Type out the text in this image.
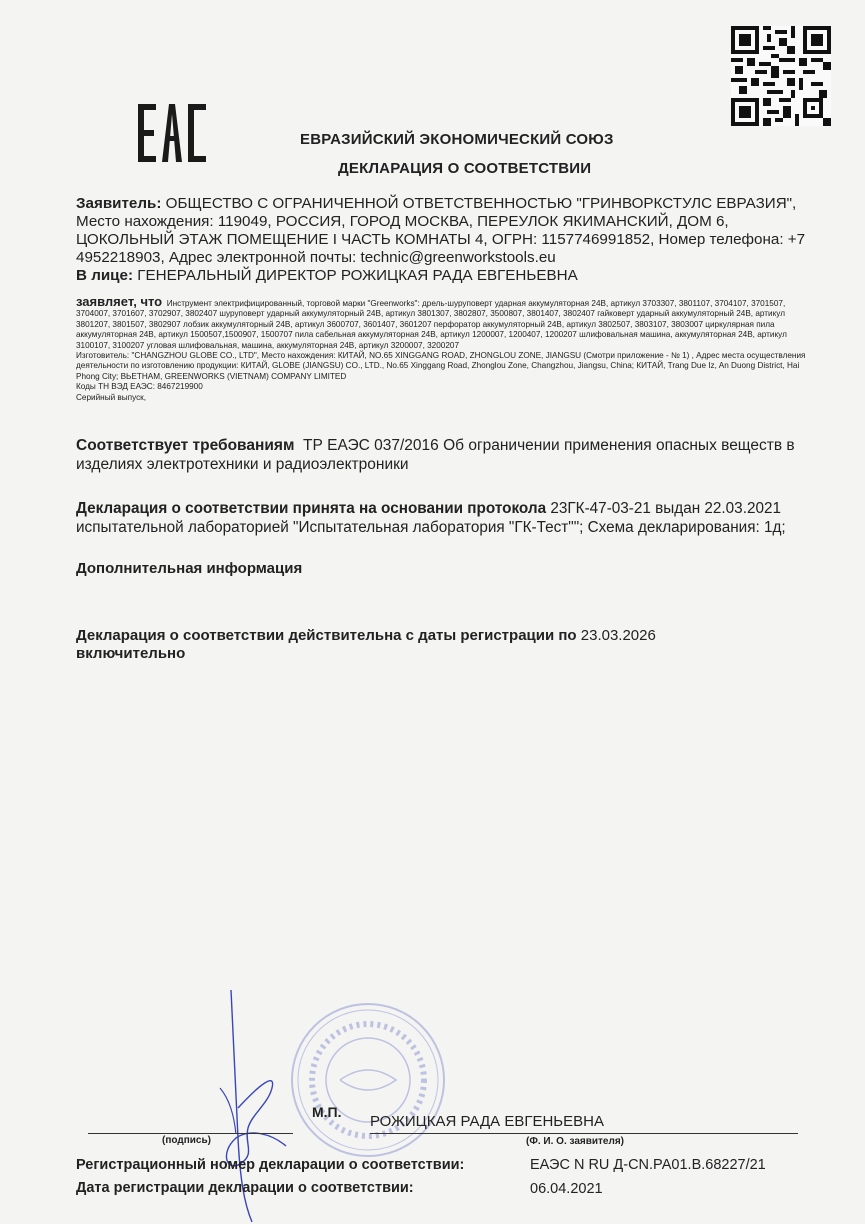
ЕВРАЗИЙСКИЙ ЭКОНОМИЧЕСКИЙ СОЮЗ
ДЕКЛАРАЦИЯ О СООТВЕТСТВИИ
Заявитель: ОБЩЕСТВО С ОГРАНИЧЕННОЙ ОТВЕТСТВЕННОСТЬЮ "ГРИНВОРКСТУЛС ЕВРАЗИЯ", Место нахождения: 119049, РОССИЯ, ГОРОД МОСКВА, ПЕРЕУЛОК ЯКИМАНСКИЙ, ДОМ 6, ЦОКОЛЬНЫЙ ЭТАЖ ПОМЕЩЕНИЕ I ЧАСТЬ КОМНАТЫ 4, ОГРН: 1157746991852, Номер телефона: +7 4952218903, Адрес электронной почты: technic@greenworkstools.eu
В лице: ГЕНЕРАЛЬНЫЙ ДИРЕКТОР РОЖИЦКАЯ РАДА ЕВГЕНЬЕВНА
заявляет, что Инструмент электрифицированный, торговой марки "Greenworks": дрель-шуруповерт ударная аккумуляторная 24В, артикул 3703307, 3801107, 3704107, 3701507, 3704007, 3701607, 3702907, 3802407 шуруповерт ударный аккумуляторный 24В, артикул 3801307, 3802807, 3500807, 3801407, 3802407 гайковерт ударный аккумуляторный 24В, артикул 3801207, 3801507, 3802907 лобзик аккумуляторный 24В, артикул 3600707, 3601407, 3601207 перфоратор аккумуляторный 24В, артикул 3802507, 3803107, 3803007 циркулярная пила аккумуляторная 24В, артикул 1500507,1500907, 1500707 пила сабельная аккумуляторная 24В, артикул 1200007, 1200407, 1200207 шлифовальная машина, аккумуляторная 24В, артикул 3100107, 3100207 угловая шлифовальная, машина, аккумуляторная 24В, артикул 3200007, 3200207
Изготовитель: "CHANGZHOU GLOBE CO., LTD", Место нахождения: КИТАЙ, NO.65 XINGGANG ROAD, ZHONGLOU ZONE, JIANGSU (Смотри приложение - № 1) , Адрес места осуществления деятельности по изготовлению продукции: КИТАЙ, GLOBE (JIANGSU) CO., LTD., No.65 Xinggang Road, Zhonglou Zone, Changzhou, Jiangsu, China; КИТАЙ, Trang Due Iz, An Duong District, Hai Phong City; ВЬЕТНАМ, GREENWORKS (VIETNAM) COMPANY LIMITED
Коды ТН ВЭД ЕАЭС: 8467219900
Серийный выпуск,
Соответствует требованиям ТР ЕАЭС 037/2016 Об ограничении применения опасных веществ в изделиях электротехники и радиоэлектроники
Декларация о соответствии принята на основании протокола 23ГК-47-03-21 выдан 22.03.2021 испытательной лабораторией "Испытательная лаборатория "ГК-Тест""; Схема декларирования: 1д;
Дополнительная информация
Декларация о соответствии действительна с даты регистрации по 23.03.2026
включительно
М.П.
РОЖИЦКАЯ РАДА ЕВГЕНЬЕВНА
(подпись)	(Ф. И. О. заявителя)
Регистрационный номер декларации о соответствии:	ЕАЭС N RU Д-CN.РА01.В.68227/21
Дата регистрации декларации о соответствии:	06.04.2021
